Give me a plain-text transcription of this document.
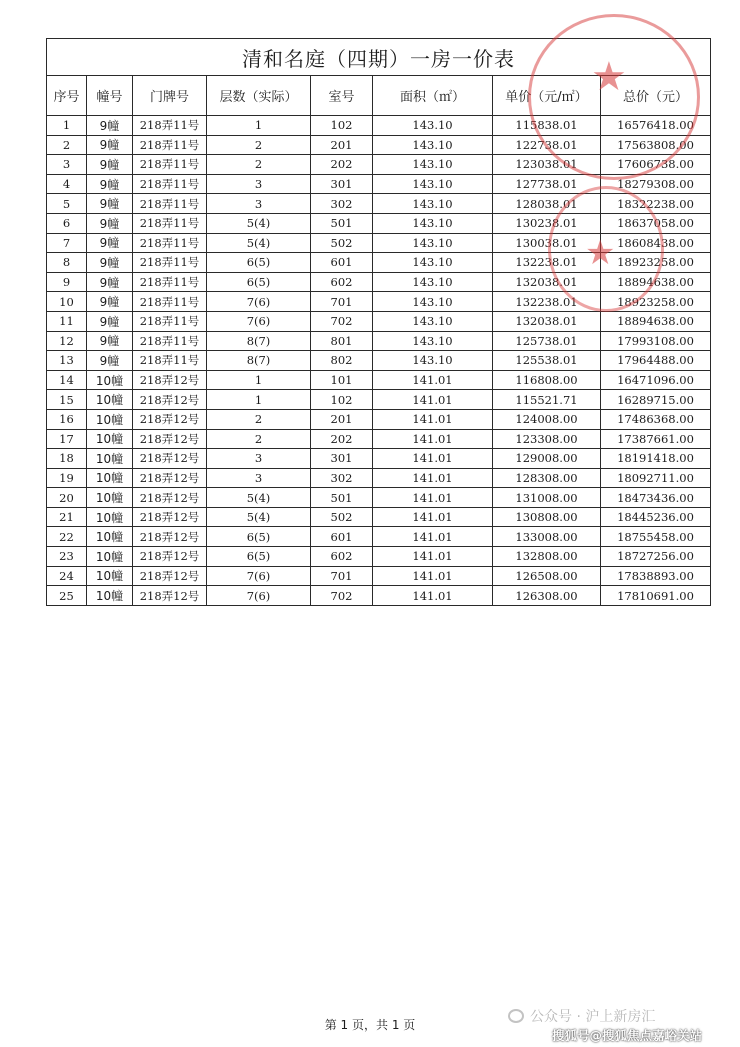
清和名庭（四期）一房一价表							
序号	幢号	门牌号	层数（实际）	室号	面积（㎡）	单价（元/㎡）	总价（元）
1	9幢	218弄11号	1	102	143.10	115838.01	16576418.00
2	9幢	218弄11号	2	201	143.10	122738.01	17563808.00
3	9幢	218弄11号	2	202	143.10	123038.01	17606738.00
4	9幢	218弄11号	3	301	143.10	127738.01	18279308.00
5	9幢	218弄11号	3	302	143.10	128038.01	18322238.00
6	9幢	218弄11号	5(4)	501	143.10	130238.01	18637058.00
7	9幢	218弄11号	5(4)	502	143.10	130038.01	18608438.00
8	9幢	218弄11号	6(5)	601	143.10	132238.01	18923258.00
9	9幢	218弄11号	6(5)	602	143.10	132038.01	18894638.00
10	9幢	218弄11号	7(6)	701	143.10	132238.01	18923258.00
11	9幢	218弄11号	7(6)	702	143.10	132038.01	18894638.00
12	9幢	218弄11号	8(7)	801	143.10	125738.01	17993108.00
13	9幢	218弄11号	8(7)	802	143.10	125538.01	17964488.00
14	10幢	218弄12号	1	101	141.01	116808.00	16471096.00
15	10幢	218弄12号	1	102	141.01	115521.71	16289715.00
16	10幢	218弄12号	2	201	141.01	124008.00	17486368.00
17	10幢	218弄12号	2	202	141.01	123308.00	17387661.00
18	10幢	218弄12号	3	301	141.01	129008.00	18191418.00
19	10幢	218弄12号	3	302	141.01	128308.00	18092711.00
20	10幢	218弄12号	5(4)	501	141.01	131008.00	18473436.00
21	10幢	218弄12号	5(4)	502	141.01	130808.00	18445236.00
22	10幢	218弄12号	6(5)	601	141.01	133008.00	18755458.00
23	10幢	218弄12号	6(5)	602	141.01	132808.00	18727256.00
24	10幢	218弄12号	7(6)	701	141.01	126508.00	17838893.00
25	10幢	218弄12号	7(6)	702	141.01	126308.00	17810691.00
★
★
第 1 页，共 1 页	公众号 · 沪上新房汇
搜狐号@搜狐焦点嘉峪关站
